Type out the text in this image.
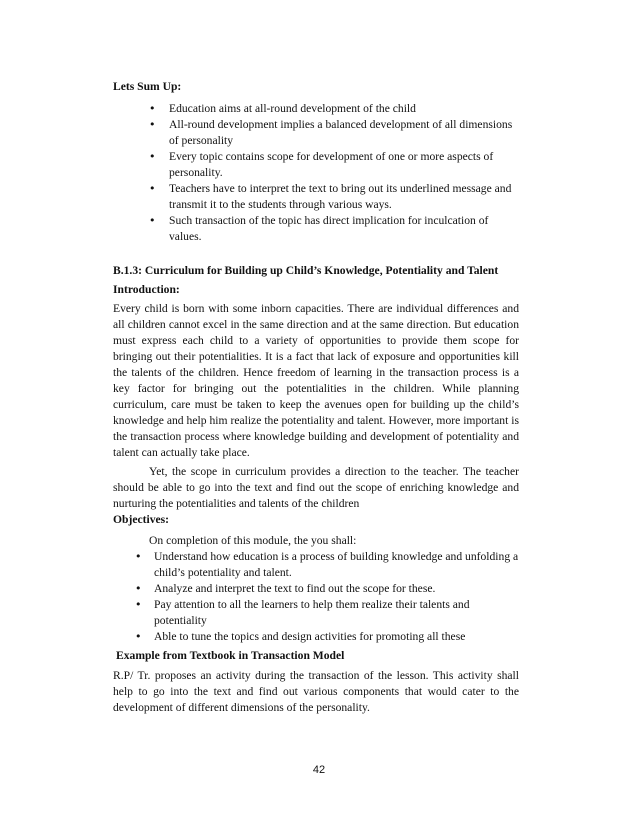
Lets Sum Up:

• Education aims at all-round development of the child
• All-round development implies a balanced development of all dimensions of personality
• Every topic contains scope for development of one or more aspects of personality.
• Teachers have to interpret the text to bring out its underlined message and transmit it to the students through various ways.
• Such transaction of the topic has direct implication for inculcation of values.

B.1.3: Curriculum for Building up Child’s Knowledge, Potentiality and Talent

Introduction:

Every child is born with some inborn capacities. There are individual differences and all children cannot excel in the same direction and at the same direction. But education must express each child to a variety of opportunities to provide them scope for bringing out their potentialities. It is a fact that lack of exposure and opportunities kill the talents of the children. Hence freedom of learning in the transaction process is a key factor for bringing out the potentialities in the children. While planning curriculum, care must be taken to keep the avenues open for building up the child’s knowledge and help him realize the potentiality and talent. However, more important is the transaction process where knowledge building and development of potentiality and talent can actually take place.

Yet, the scope in curriculum provides a direction to the teacher. The teacher should be able to go into the text and find out the scope of enriching knowledge and nurturing the potentialities and talents of the children

Objectives:

On completion of this module, the you shall:

• Understand how education is a process of building knowledge and unfolding a child’s potentiality and talent.
• Analyze and interpret the text to find out the scope for these.
• Pay attention to all the learners to help them realize their talents and potentiality
• Able to tune the topics and design activities for promoting all these

Example from Textbook in Transaction Model

R.P/ Tr. proposes an activity during the transaction of the lesson. This activity shall help to go into the text and find out various components that would cater to the development of different dimensions of the personality.

42
